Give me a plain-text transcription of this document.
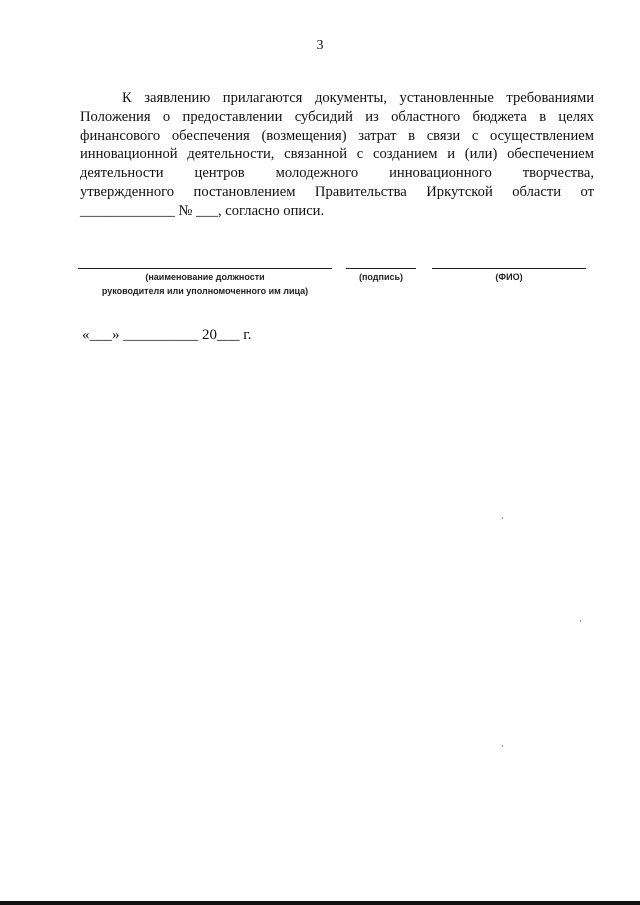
3
К заявлению прилагаются документы, установленные требованиями
Положения о предоставлении субсидий из областного бюджета в целях
финансового обеспечения (возмещения) затрат в связи с осуществлением
инновационной деятельности, связанной с созданием и (или) обеспечением
деятельности центров молодежного инновационного творчества,
утвержденного постановлением Правительства Иркутской области от
_____________ № ___, согласно описи.
(наименование должности
руководителя или уполномоченного им лица)
(подпись)	(ФИО)
«___» __________ 20___ г.
